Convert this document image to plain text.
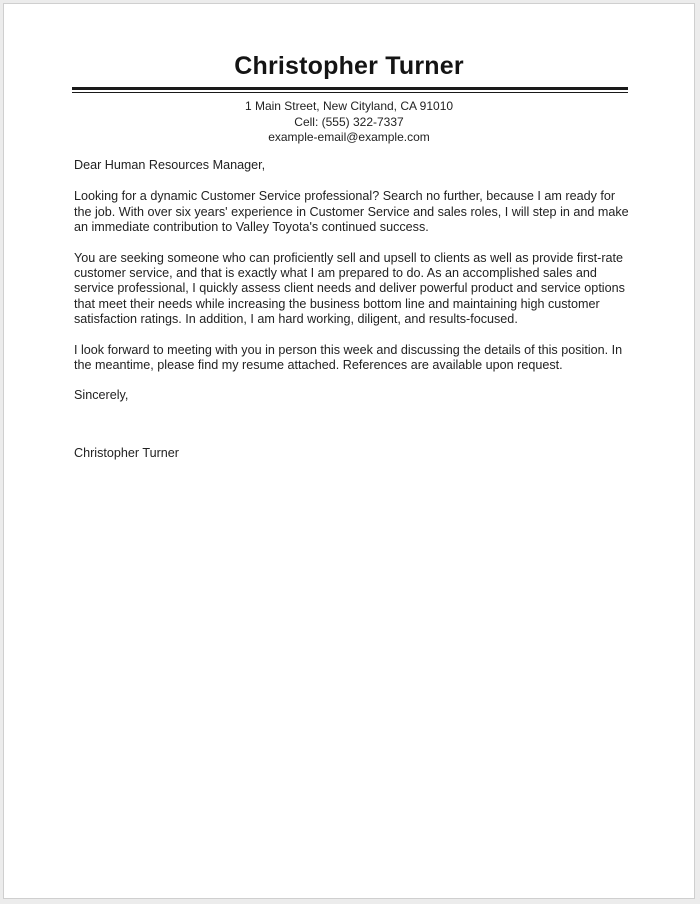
Christopher Turner
1 Main Street, New Cityland, CA 91010
Cell: (555) 322-7337
example-email@example.com

Dear Human Resources Manager,

Looking for a dynamic Customer Service professional? Search no further, because I am ready for the job. With over six years' experience in Customer Service and sales roles, I will step in and make an immediate contribution to Valley Toyota's continued success.

You are seeking someone who can proficiently sell and upsell to clients as well as provide first-rate customer service, and that is exactly what I am prepared to do. As an accomplished sales and service professional, I quickly assess client needs and deliver powerful product and service options that meet their needs while increasing the business bottom line and maintaining high customer satisfaction ratings. In addition, I am hard working, diligent, and results-focused.

I look forward to meeting with you in person this week and discussing the details of this position. In the meantime, please find my resume attached. References are available upon request.

Sincerely,

Christopher Turner
